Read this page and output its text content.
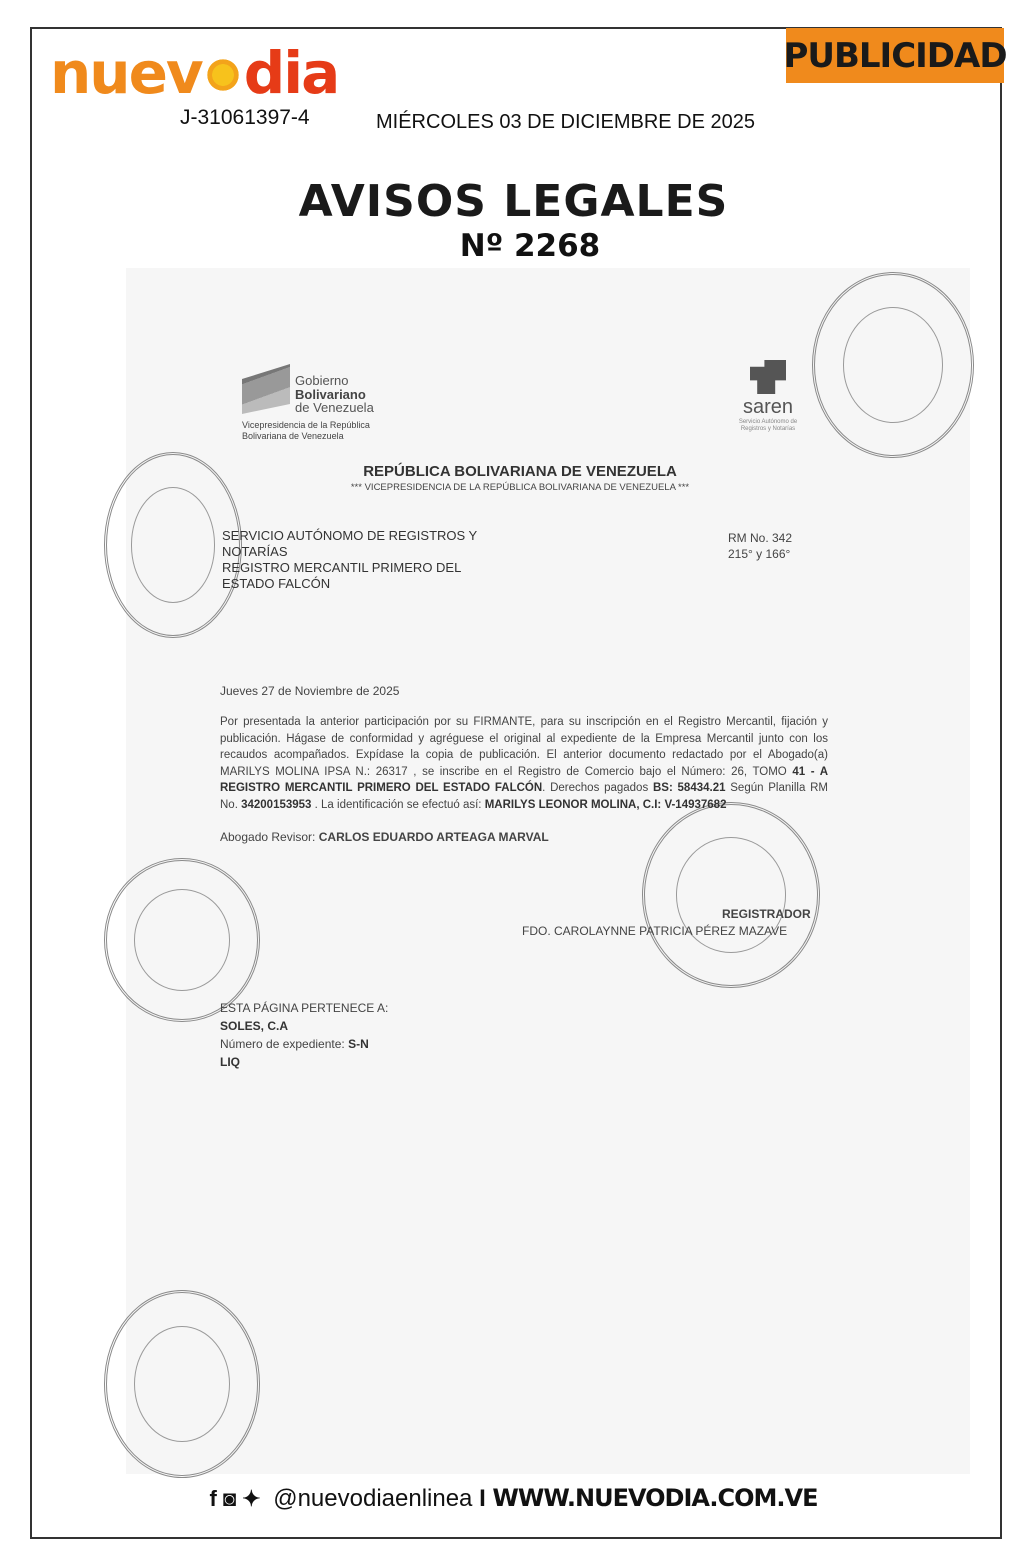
nuev dia
J-31061397-4
PUBLICIDAD
MIÉRCOLES 03 DE DICIEMBRE DE 2025
AVISOS LEGALES
Nº 2268
Gobierno
Bolivariano
de Venezuela
Vicepresidencia de la República Bolivariana de Venezuela
saren
Servicio Autónomo de Registros y Notarías
REPÚBLICA BOLIVARIANA DE VENEZUELA
*** VICEPRESIDENCIA DE LA REPÚBLICA BOLIVARIANA DE VENEZUELA ***
SERVICIO AUTÓNOMO DE REGISTROS Y NOTARÍAS
REGISTRO MERCANTIL PRIMERO DEL ESTADO FALCÓN
RM No. 342
215° y 166°
Jueves 27 de Noviembre de 2025
Por presentada la anterior participación por su FIRMANTE, para su inscripción en el Registro Mercantil, fijación y publicación. Hágase de conformidad y agréguese el original al expediente de la Empresa Mercantil junto con los recaudos acompañados. Expídase la copia de publicación. El anterior documento redactado por el Abogado(a) MARILYS MOLINA IPSA N.: 26317 , se inscribe en el Registro de Comercio bajo el Número: 26, TOMO 41 - A REGISTRO MERCANTIL PRIMERO DEL ESTADO FALCÓN. Derechos pagados BS: 58434.21 Según Planilla RM No. 34200153953 . La identificación se efectuó así: MARILYS LEONOR MOLINA, C.I: V-14937682
Abogado Revisor: CARLOS EDUARDO ARTEAGA MARVAL
REGISTRADOR
FDO. CAROLAYNNE PATRICIA PÉREZ MAZAVE
ESTA PÁGINA PERTENECE A:
SOLES, C.A
Número de expediente: S-N
LIQ
f ◙ ✦ @nuevodiaenlinea I WWW.NUEVODIA.COM.VE
